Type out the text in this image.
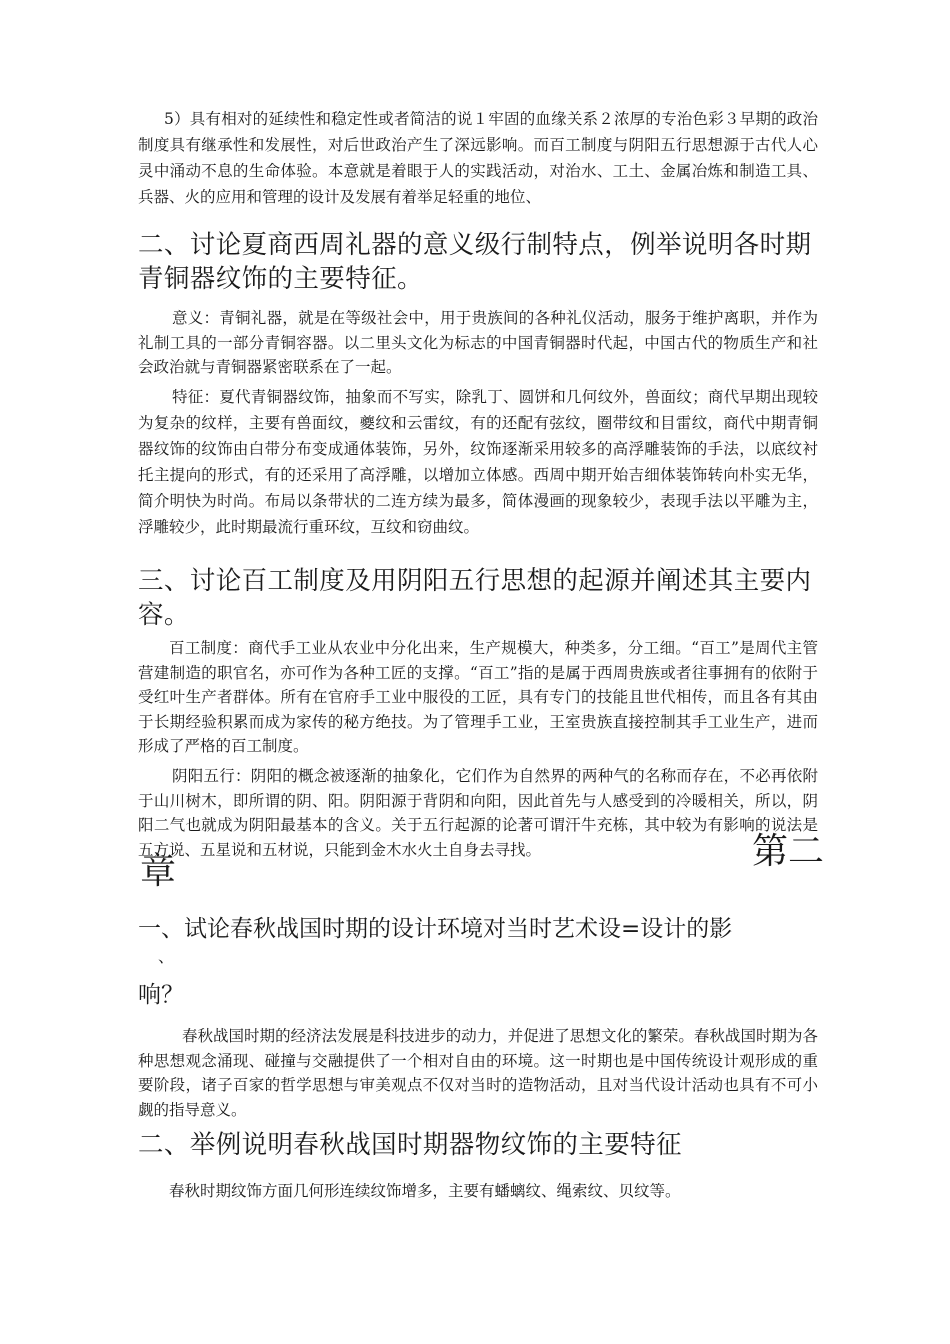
5）具有相对的延续性和稳定性或者简洁的说１牢固的血缘关系２浓厚的专治色彩３早期的政治制度具有继承性和发展性，对后世政治产生了深远影响。而百工制度与阴阳五行思想源于古代人心灵中涌动不息的生命体验。本意就是着眼于人的实践活动，对治水、工土、金属冶炼和制造工具、兵器、火的应用和管理的设计及发展有着举足轻重的地位、

二、讨论夏商西周礼器的意义级行制特点，例举说明各时期青铜器纹饰的主要特征。

意义：青铜礼器，就是在等级社会中，用于贵族间的各种礼仪活动，服务于维护离职，并作为礼制工具的一部分青铜容器。以二里头文化为标志的中国青铜器时代起，中国古代的物质生产和社会政治就与青铜器紧密联系在了一起。

特征：夏代青铜器纹饰，抽象而不写实，除乳丁、圆饼和几何纹外，兽面纹；商代早期出现较为复杂的纹样，主要有兽面纹，夔纹和云雷纹，有的还配有弦纹，圈带纹和目雷纹，商代中期青铜器纹饰的纹饰由白带分布变成通体装饰，另外，纹饰逐渐采用较多的高浮雕装饰的手法，以底纹衬托主提向的形式，有的还采用了高浮雕，以增加立体感。西周中期开始吉细体装饰转向朴实无华，简介明快为时尚。布局以条带状的二连方续为最多，简体漫画的现象较少，表现手法以平雕为主，浮雕较少，此时期最流行重环纹，互纹和窃曲纹。

三、讨论百工制度及用阴阳五行思想的起源并阐述其主要内容。

百工制度：商代手工业从农业中分化出来，生产规模大，种类多，分工细。“百工”是周代主管营建制造的职官名，亦可作为各种工匠的支撑。“百工”指的是属于西周贵族或者往事拥有的依附于受红叶生产者群体。所有在官府手工业中服役的工匠，具有专门的技能且世代相传，而且各有其由于长期经验积累而成为家传的秘方绝技。为了管理手工业，王室贵族直接控制其手工业生产，进而形成了严格的百工制度。

阴阳五行：阴阳的概念被逐渐的抽象化，它们作为自然界的两种气的名称而存在，不必再依附于山川树木，即所谓的阴、阳。阴阳源于背阴和向阳，因此首先与人感受到的冷暖相关，所以，阴阳二气也就成为阴阳最基本的含义。关于五行起源的论著可谓汗牛充栋，其中较为有影响的说法是五方说、五星说和五材说，只能到金木水火土自身去寻找。	第二
章
一、试论春秋战国时期的设计环境对当时艺术设=设计的影
、
响？

春秋战国时期的经济法发展是科技进步的动力，并促进了思想文化的繁荣。春秋战国时期为各种思想观念涌现、碰撞与交融提供了一个相对自由的环境。这一时期也是中国传统设计观形成的重要阶段，诸子百家的哲学思想与审美观点不仅对当时的造物活动，且对当代设计活动也具有不可小觑的指导意义。

二、举例说明春秋战国时期器物纹饰的主要特征

春秋时期纹饰方面几何形连续纹饰增多，主要有蟠螭纹、绳索纹、贝纹等。
